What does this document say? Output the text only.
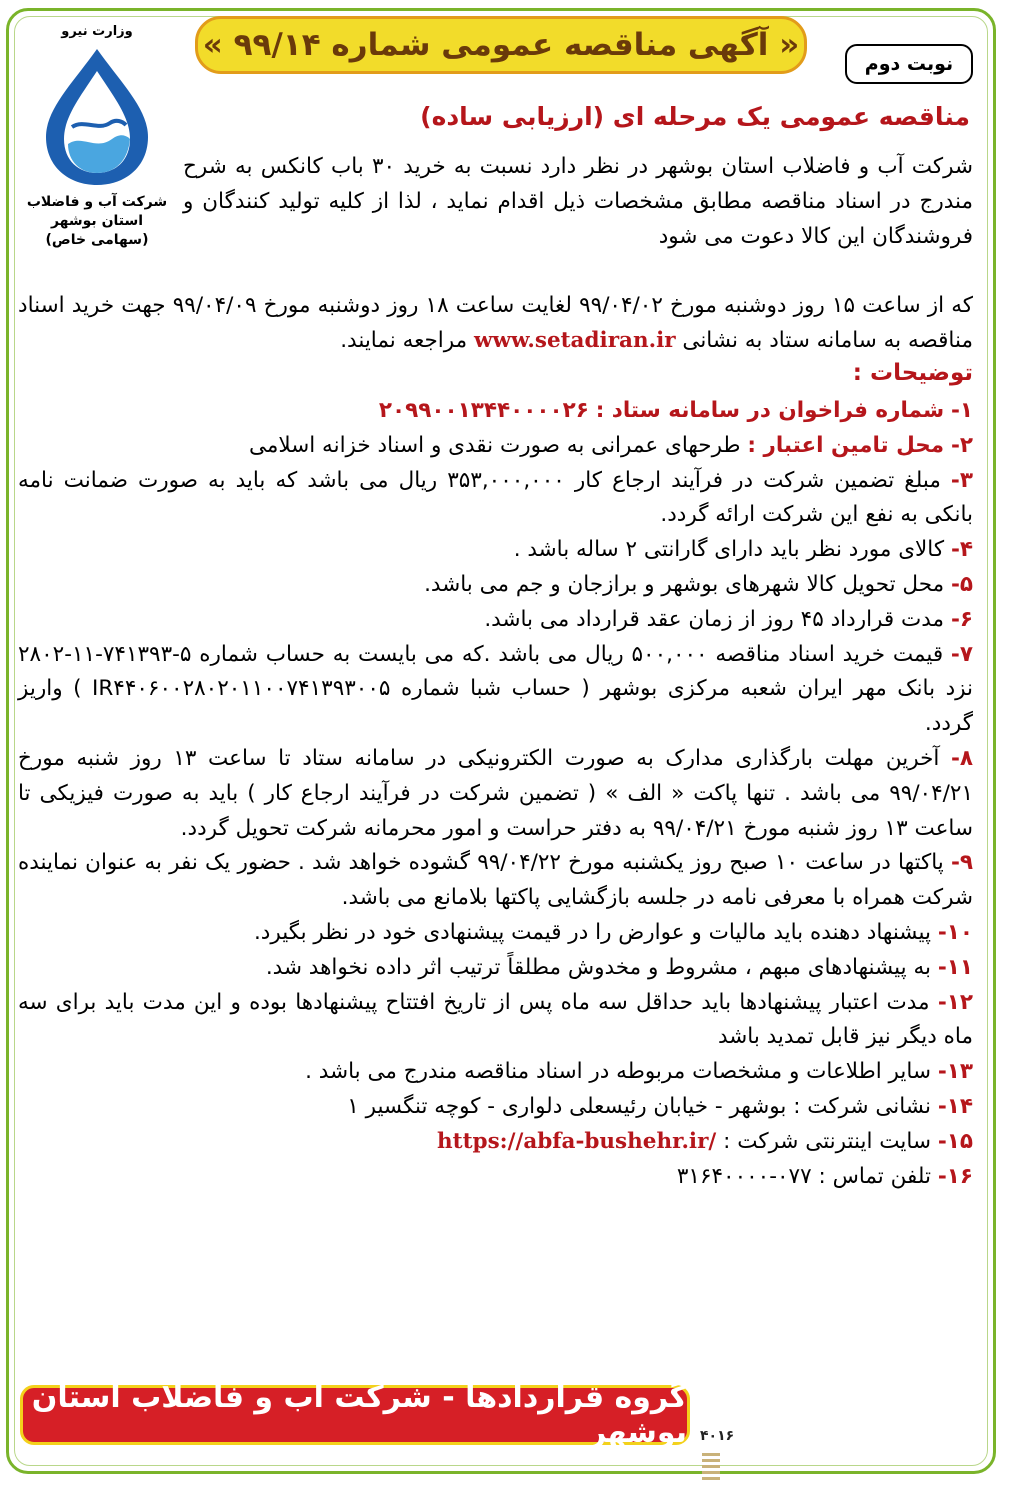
وزارت نیرو
شرکت آب و فاضلاب
استان بوشهر
(سهامی خاص)
« آگهی مناقصه عمومی شماره ۹۹/۱۴ »
نوبت دوم
مناقصه عمومی یک مرحله ای (ارزیابی ساده)
شرکت آب و فاضلاب استان بوشهر در نظر دارد نسبت به خرید ۳۰ باب کانکس به شرح مندرج در اسناد مناقصه مطابق مشخصات ذیل اقدام نماید ، لذا از کلیه تولید کنندگان و فروشندگان این کالا دعوت می شود
که از ساعت ۱۵ روز دوشنبه مورخ ۹۹/۰۴/۰۲ لغایت ساعت ۱۸ روز دوشنبه مورخ ۹۹/۰۴/۰۹ جهت خرید اسناد مناقصه به سامانه ستاد به نشانی www.setadiran.ir مراجعه نمایند.
توضیحات :
۱- شماره فراخوان در سامانه ستاد : ۲۰۹۹۰۰۱۳۴۴۰۰۰۰۲۶
۲- محل تامین اعتبار : طرحهای عمرانی به صورت نقدی و اسناد خزانه اسلامی
۳- مبلغ تضمین شرکت در فرآیند ارجاع کار ۳۵۳,۰۰۰,۰۰۰ ریال می باشد که باید به صورت ضمانت نامه بانکی به نفع این شرکت ارائه گردد.
۴- کالای مورد نظر باید دارای گارانتی ۲ ساله باشد .
۵- محل تحویل کالا شهرهای بوشهر و برازجان و جم می باشد.
۶- مدت قرارداد ۴۵ روز از زمان عقد قرارداد می باشد.
۷- قیمت خرید اسناد مناقصه ۵۰۰,۰۰۰ ریال می باشد .که می بایست به حساب شماره ۵-۷۴۱۳۹۳-۱۱-۲۸۰۲ نزد بانک مهر ایران شعبه مرکزی بوشهر ( حساب شبا شماره IR۴۴۰۶۰۰۲۸۰۲۰۱۱۰۰۷۴۱۳۹۳۰۰۵ ) واریز گردد.
۸- آخرین مهلت بارگذاری مدارک به صورت الکترونیکی در سامانه ستاد تا ساعت ۱۳ روز شنبه مورخ ۹۹/۰۴/۲۱ می باشد . تنها پاکت « الف » ( تضمین شرکت در فرآیند ارجاع کار ) باید به صورت فیزیکی تا ساعت ۱۳ روز شنبه مورخ ۹۹/۰۴/۲۱ به دفتر حراست و امور محرمانه شرکت تحویل گردد.
۹- پاکتها در ساعت ۱۰ صبح روز یکشنبه مورخ ۹۹/۰۴/۲۲ گشوده خواهد شد . حضور یک نفر به عنوان نماینده شرکت همراه با معرفی نامه در جلسه بازگشایی پاکتها بلامانع می باشد.
۱۰- پیشنهاد دهنده باید مالیات و عوارض را در قیمت پیشنهادی خود در نظر بگیرد.
۱۱- به پیشنهادهای مبهم ، مشروط و مخدوش مطلقاً ترتیب اثر داده نخواهد شد.
۱۲- مدت اعتبار پیشنهادها باید حداقل سه ماه پس از تاریخ افتتاح پیشنهادها بوده و این مدت باید برای سه ماه دیگر نیز قابل تمدید باشد
۱۳- سایر اطلاعات و مشخصات مربوطه در اسناد مناقصه مندرج می باشد .
۱۴- نشانی شرکت : بوشهر - خیابان رئیسعلی دلواری - کوچه تنگسیر ۱
۱۵- سایت اینترنتی شرکت : https://abfa-bushehr.ir/
۱۶- تلفن تماس : ۰۷۷-۳۱۶۴۰۰۰۰
گروه قراردادها - شرکت آب و فاضلاب استان بوشهر ۴۰۱۶
